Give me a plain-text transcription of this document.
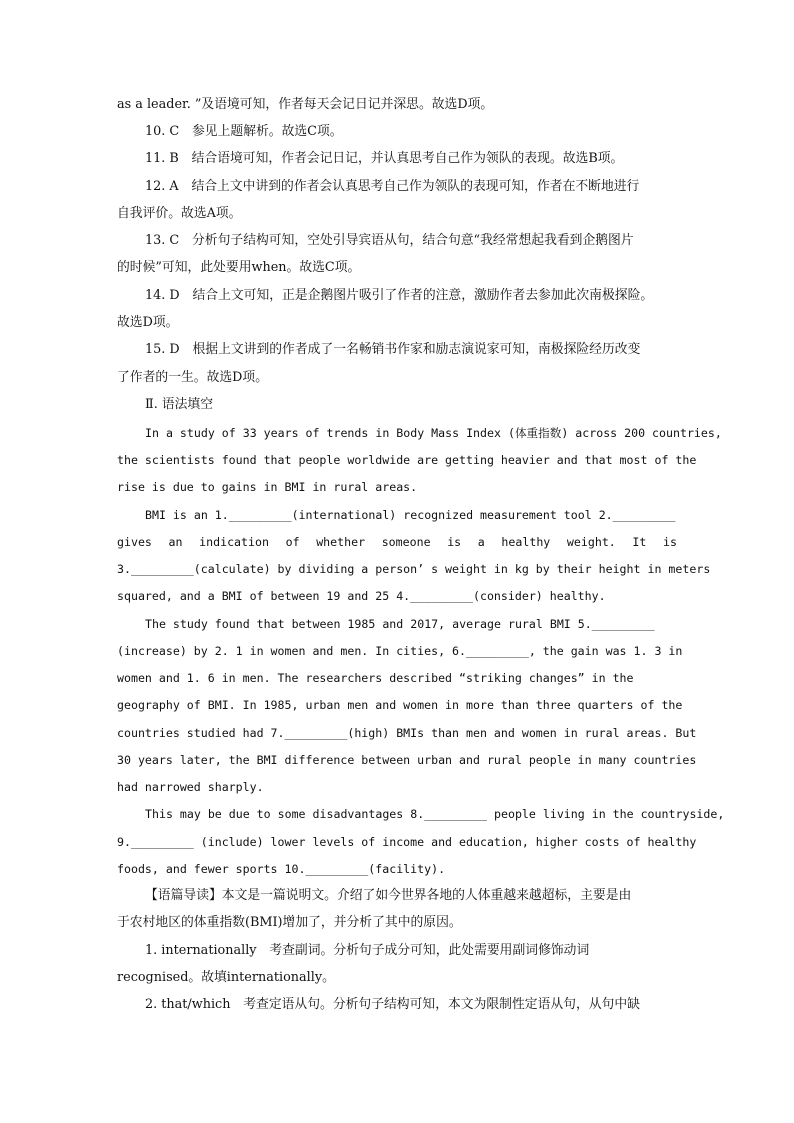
as a leader. ”及语境可知，作者每天会记日记并深思。故选D项。
10. C　参见上题解析。故选C项。
11. B　结合语境可知，作者会记日记，并认真思考自己作为领队的表现。故选B项。
12. A　结合上文中讲到的作者会认真思考自己作为领队的表现可知，作者在不断地进行
自我评价。故选A项。
13. C　分析句子结构可知，空处引导宾语从句，结合句意“我经常想起我看到企鹅图片
的时候”可知，此处要用when。故选C项。
14. D　结合上文可知，正是企鹅图片吸引了作者的注意，激励作者去参加此次南极探险。
故选D项。
15. D　根据上文讲到的作者成了一名畅销书作家和励志演说家可知，南极探险经历改变
了作者的一生。故选D项。
Ⅱ. 语法填空
In a study of 33 years of trends in Body Mass Index (体重指数) across 200 countries,
the scientists found that people worldwide are getting heavier and that most of the
rise is due to gains in BMI in rural areas.
BMI is an 1._________(international) recognized measurement tool 2._________
gives an indication of whether someone is a healthy weight. It is
3._________(calculate) by dividing a person’ s weight in kg by their height in meters
squared, and a BMI of between 19 and 25 4._________(consider) healthy.
The study found that between 1985 and 2017, average rural BMI 5._________
(increase) by 2. 1 in women and men. In cities, 6._________, the gain was 1. 3 in
women and 1. 6 in men. The researchers described “striking changes” in the
geography of BMI. In 1985, urban men and women in more than three quarters of the
countries studied had 7._________(high) BMIs than men and women in rural areas. But
30 years later, the BMI difference between urban and rural people in many countries
had narrowed sharply.
This may be due to some disadvantages 8._________ people living in the countryside,
9._________ (include) lower levels of income and education, higher costs of healthy
foods, and fewer sports 10._________(facility).
【语篇导读】本文是一篇说明文。介绍了如今世界各地的人体重越来越超标，主要是由
于农村地区的体重指数(BMI)增加了，并分析了其中的原因。
1. internationally　考查副词。分析句子成分可知，此处需要用副词修饰动词
recognised。故填internationally。
2. that/which　考查定语从句。分析句子结构可知，本文为限制性定语从句，从句中缺
